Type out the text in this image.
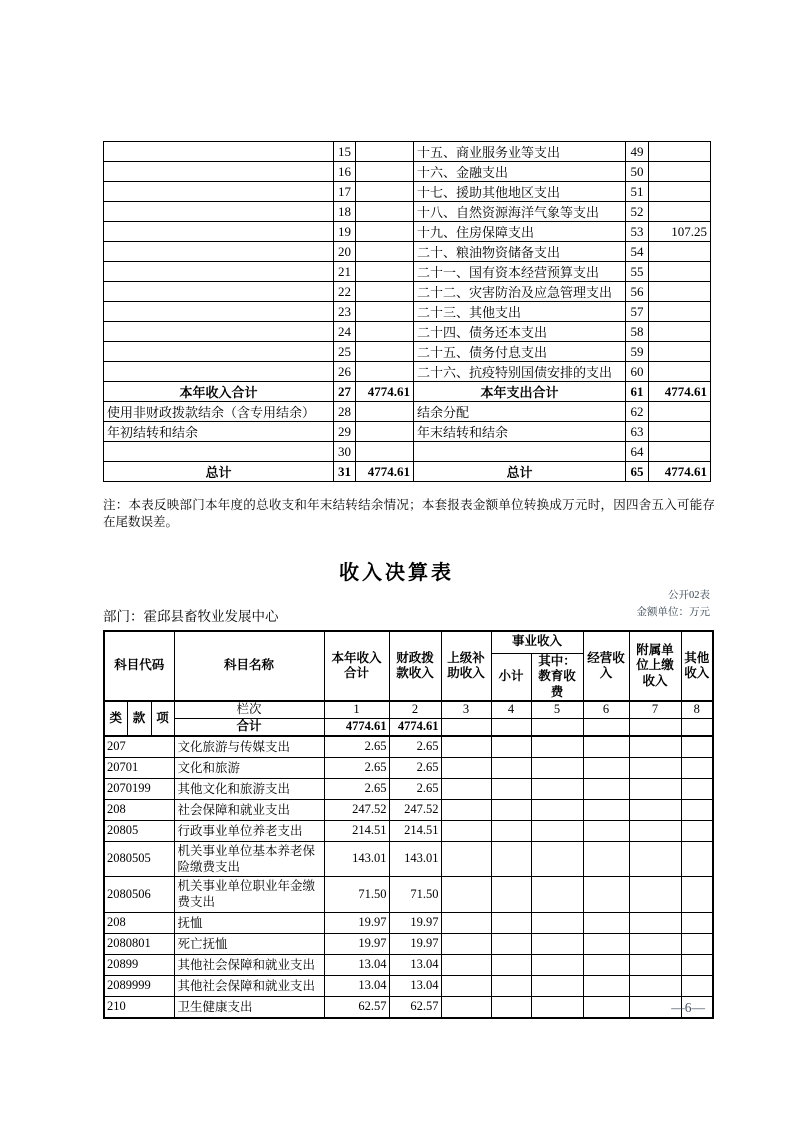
	15		十五、商业服务业等支出	49	
	16		十六、金融支出	50	
	17		十七、援助其他地区支出	51	
	18		十八、自然资源海洋气象等支出	52	
	19		十九、住房保障支出	53	107.25
	20		二十、粮油物资储备支出	54	
	21		二十一、国有资本经营预算支出	55	
	22		二十二、灾害防治及应急管理支出	56	
	23		二十三、其他支出	57	
	24		二十四、债务还本支出	58	
	25		二十五、债务付息支出	59	
	26		二十六、抗疫特别国债安排的支出	60	
本年收入合计	27	4774.61	本年支出合计	61	4774.61
使用非财政拨款结余（含专用结余）	28		结余分配	62	
年初结转和结余	29		年末结转和结余	63	
	30			64	
总计	31	4774.61	总计	65	4774.61

注：本表反映部门本年度的总收支和年末结转结余情况；本套报表金额单位转换成万元时，因四舍五入可能存在尾数误差。

收入决算表
公开02表
金额单位：万元
部门：霍邱县畜牧业发展中心
科目代码			科目名称	本年收入合计	财政拨款收入	上级补助收入	事业收入		经营收入	附属单位上缴收入	其他收入
							小计	其中：教育收费			
类	款	项	栏次	1	2	3	4	5	6	7	8
			合计	4774.61	4774.61						
207			文化旅游与传媒支出	2.65	2.65						
20701			文化和旅游	2.65	2.65						
2070199			其他文化和旅游支出	2.65	2.65						
208			社会保障和就业支出	247.52	247.52						
20805			行政事业单位养老支出	214.51	214.51						
2080505			机关事业单位基本养老保险缴费支出	143.01	143.01						
2080506			机关事业单位职业年金缴费支出	71.50	71.50						
208			抚恤	19.97	19.97						
2080801			死亡抚恤	19.97	19.97						
20899			其他社会保障和就业支出	13.04	13.04						
2089999			其他社会保障和就业支出	13.04	13.04						
210			卫生健康支出	62.57	62.57							—6—
